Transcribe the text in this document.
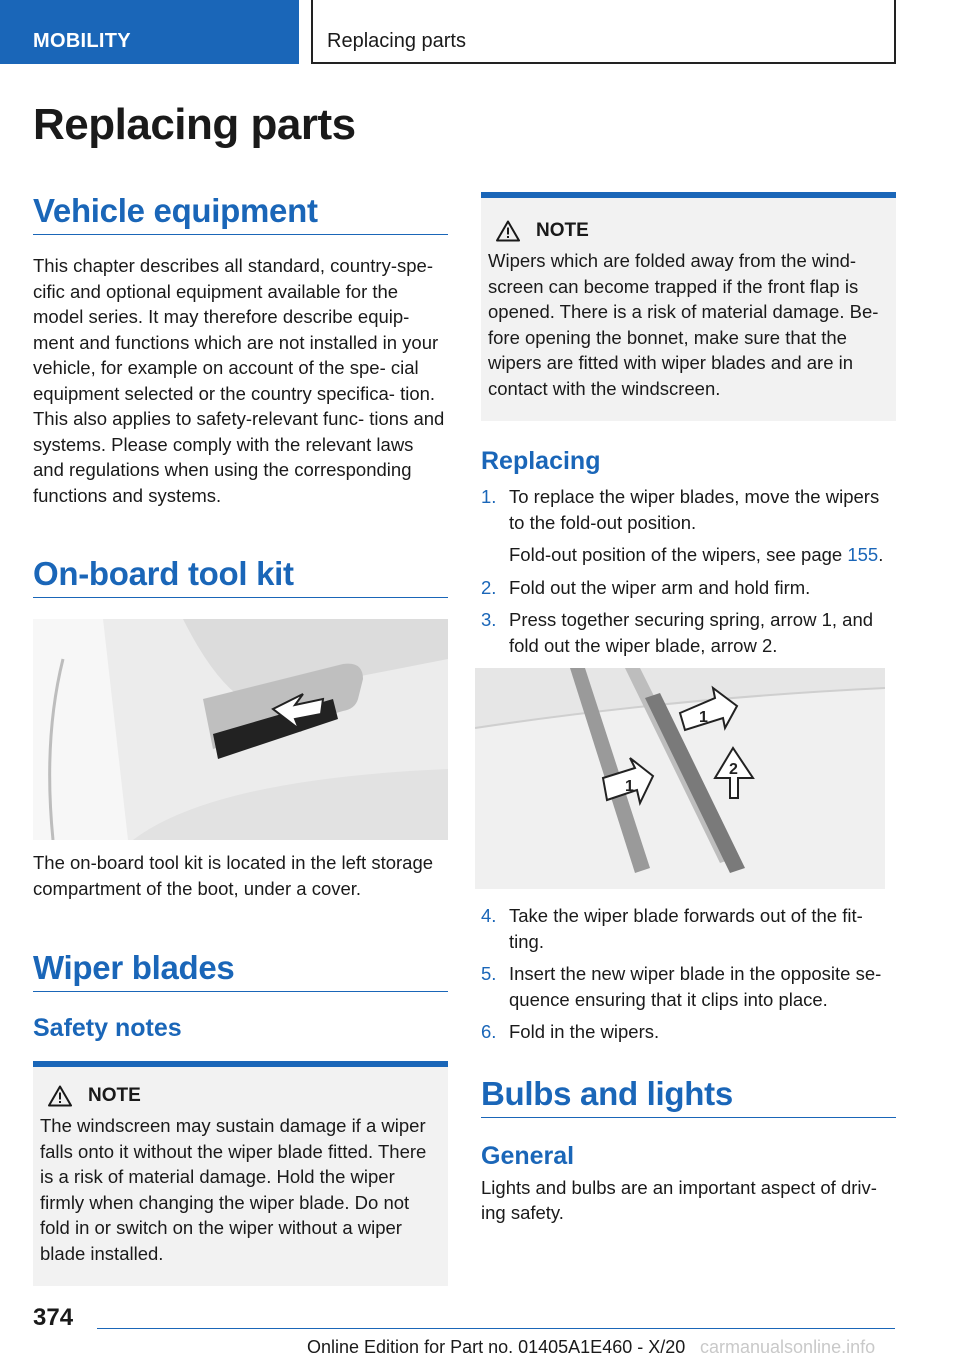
MOBILITY	Replacing parts
Replacing parts
Vehicle equipment
This chapter describes all standard, country-spe- cific and optional equipment available for the model series. It may therefore describe equip- ment and functions which are not installed in your vehicle, for example on account of the spe- cial equipment selected or the country specifica- tion. This also applies to safety-relevant func- tions and systems. Please comply with the relevant laws and regulations when using the corresponding functions and systems.
On-board tool kit
The on-board tool kit is located in the left storage compartment of the boot, under a cover.
Wiper blades
Safety notes
NOTE
The windscreen may sustain damage if a wiper falls onto it without the wiper blade fitted. There is a risk of material damage. Hold the wiper firmly when changing the wiper blade. Do not fold in or switch on the wiper without a wiper blade installed.
NOTE
Wipers which are folded away from the wind- screen can become trapped if the front flap is opened. There is a risk of material damage. Be- fore opening the bonnet, make sure that the wipers are fitted with wiper blades and are in contact with the windscreen.
Replacing
1. To replace the wiper blades, move the wipers to the fold-out position.
Fold-out position of the wipers, see page 155.
2. Fold out the wiper arm and hold firm.
3. Press together securing spring, arrow 1, and fold out the wiper blade, arrow 2.
1
1
2
4. Take the wiper blade forwards out of the fit- ting.
5. Insert the new wiper blade in the opposite se- quence ensuring that it clips into place.
6. Fold in the wipers.
Bulbs and lights
General
Lights and bulbs are an important aspect of driv- ing safety.
374
Online Edition for Part no. 01405A1E460 - X/20 carmanualsonline.info
